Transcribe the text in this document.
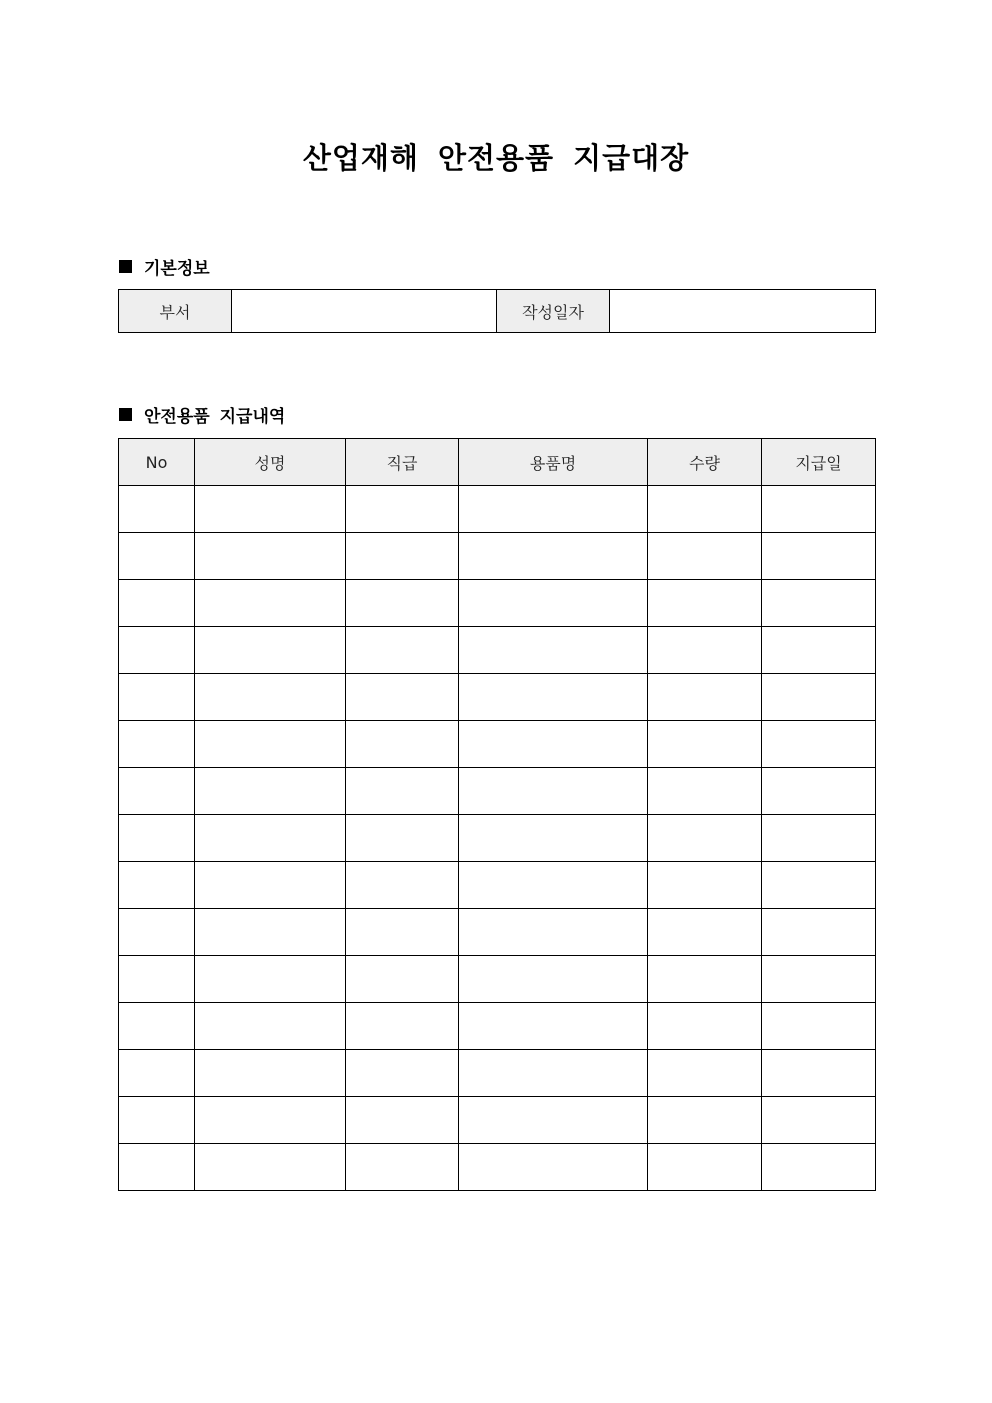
산업재해 안전용품 지급대장
기본정보
부서		작성일자	
안전용품 지급내역
No	성명	직급	용품명	수량	지급일
